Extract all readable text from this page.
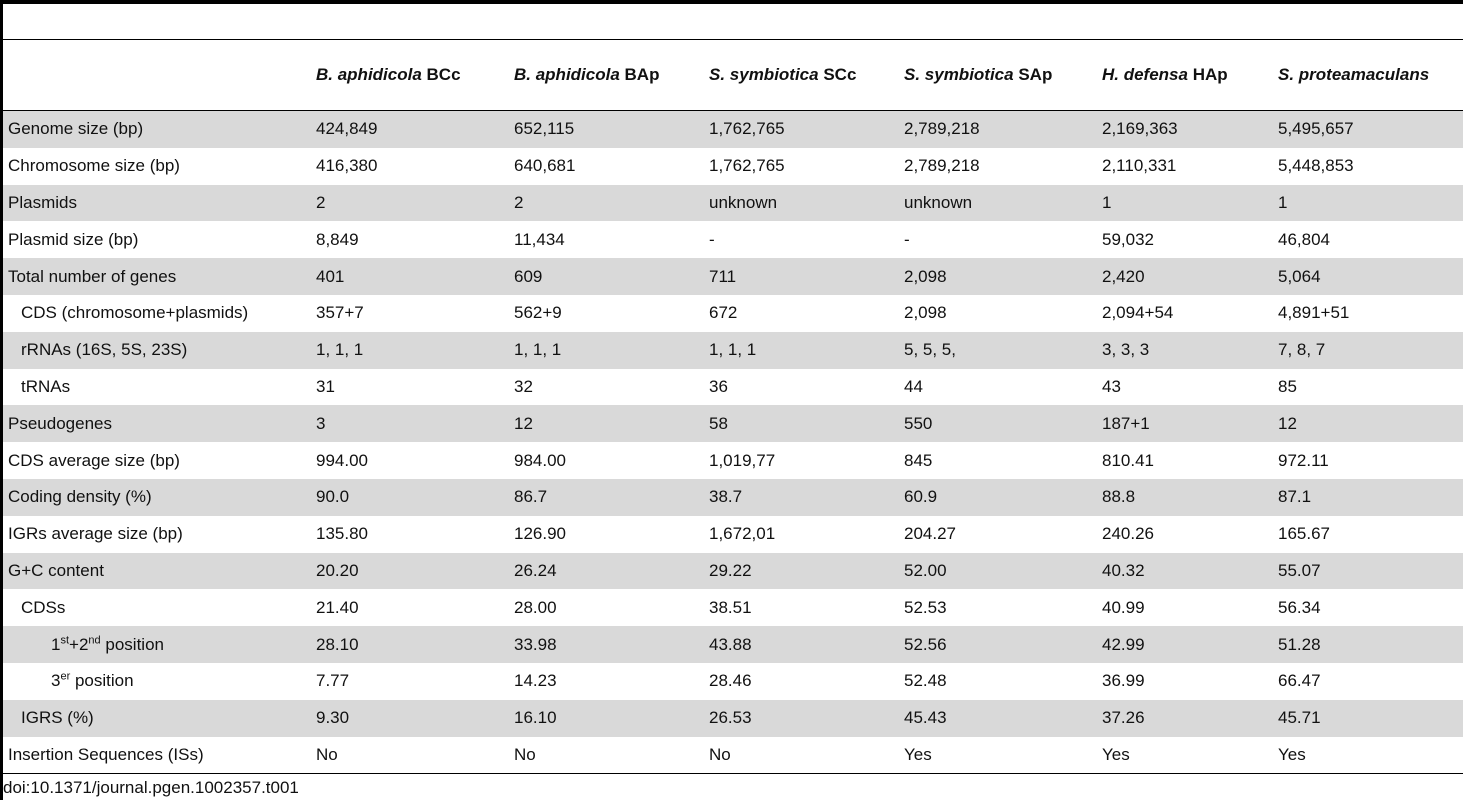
	B. aphidicola BCc	B. aphidicola BAp	S. symbiotica SCc	S. symbiotica SAp	H. defensa HAp	S. proteamaculans
Genome size (bp)	424,849	652,115	1,762,765	2,789,218	2,169,363	5,495,657
Chromosome size (bp)	416,380	640,681	1,762,765	2,789,218	2,110,331	5,448,853
Plasmids	2	2	unknown	unknown	1	1
Plasmid size (bp)	8,849	11,434	-	-	59,032	46,804
Total number of genes	401	609	711	2,098	2,420	5,064
CDS (chromosome+plasmids)	357+7	562+9	672	2,098	2,094+54	4,891+51
rRNAs (16S, 5S, 23S)	1, 1, 1	1, 1, 1	1, 1, 1	5, 5, 5,	3, 3, 3	7, 8, 7
tRNAs	31	32	36	44	43	85
Pseudogenes	3	12	58	550	187+1	12
CDS average size (bp)	994.00	984.00	1,019,77	845	810.41	972.11
Coding density (%)	90.0	86.7	38.7	60.9	88.8	87.1
IGRs average size (bp)	135.80	126.90	1,672,01	204.27	240.26	165.67
G+C content	20.20	26.24	29.22	52.00	40.32	55.07
CDSs	21.40	28.00	38.51	52.53	40.99	56.34
1st+2nd position	28.10	33.98	43.88	52.56	42.99	51.28
3er position	7.77	14.23	28.46	52.48	36.99	66.47
IGRS (%)	9.30	16.10	26.53	45.43	37.26	45.71
Insertion Sequences (ISs)	No	No	No	Yes	Yes	Yes
doi:10.1371/journal.pgen.1002357.t001
